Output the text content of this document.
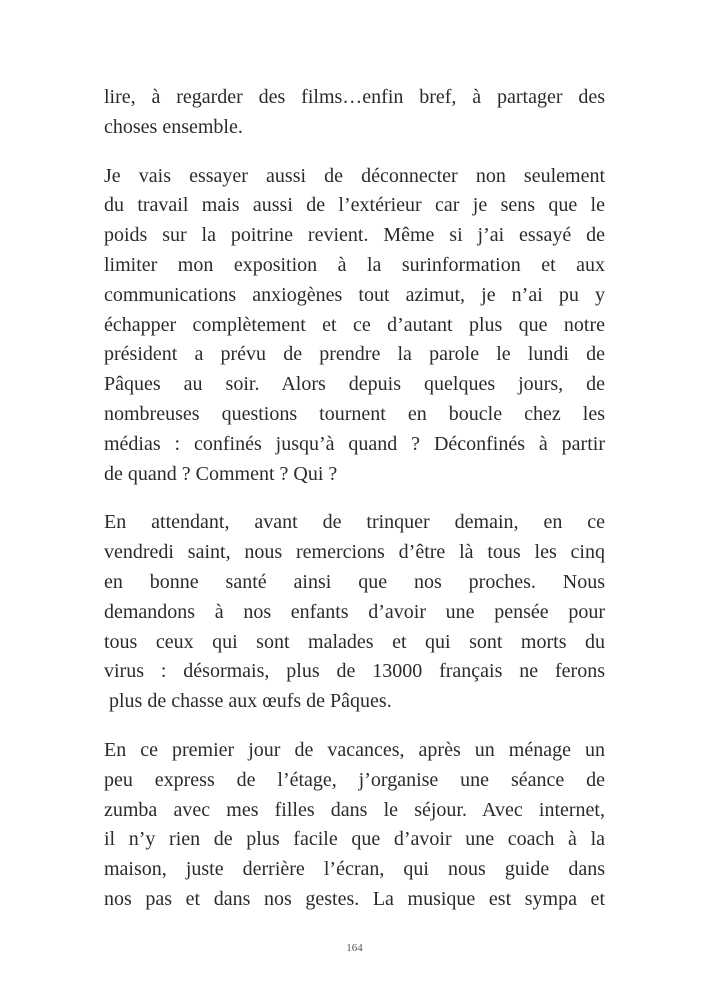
lire, à regarder des films…enfin bref, à partager des
choses ensemble.

Je vais essayer aussi de déconnecter non seulement
du travail mais aussi de l’extérieur car je sens que le
poids sur la poitrine revient. Même si j’ai essayé de
limiter mon exposition à la surinformation et aux
communications anxiogènes tout azimut, je n’ai pu y
échapper complètement et ce d’autant plus que notre
président a prévu de prendre la parole le lundi de
Pâques au soir. Alors depuis quelques jours, de
nombreuses questions tournent en boucle chez les
médias : confinés jusqu’à quand ? Déconfinés à partir
de quand ? Comment ? Qui ?

En attendant, avant de trinquer demain, en ce
vendredi saint, nous remercions d’être là tous les cinq
en bonne santé ainsi que nos proches. Nous
demandons à nos enfants d’avoir une pensée pour
tous ceux qui sont malades et qui sont morts du
virus : désormais, plus de 13000 français ne ferons
plus de chasse aux œufs de Pâques.

En ce premier jour de vacances, après un ménage un
peu express de l’étage, j’organise une séance de
zumba avec mes filles dans le séjour. Avec internet,
il n’y rien de plus facile que d’avoir une coach à la
maison, juste derrière l’écran, qui nous guide dans
nos pas et dans nos gestes. La musique est sympa et

164
